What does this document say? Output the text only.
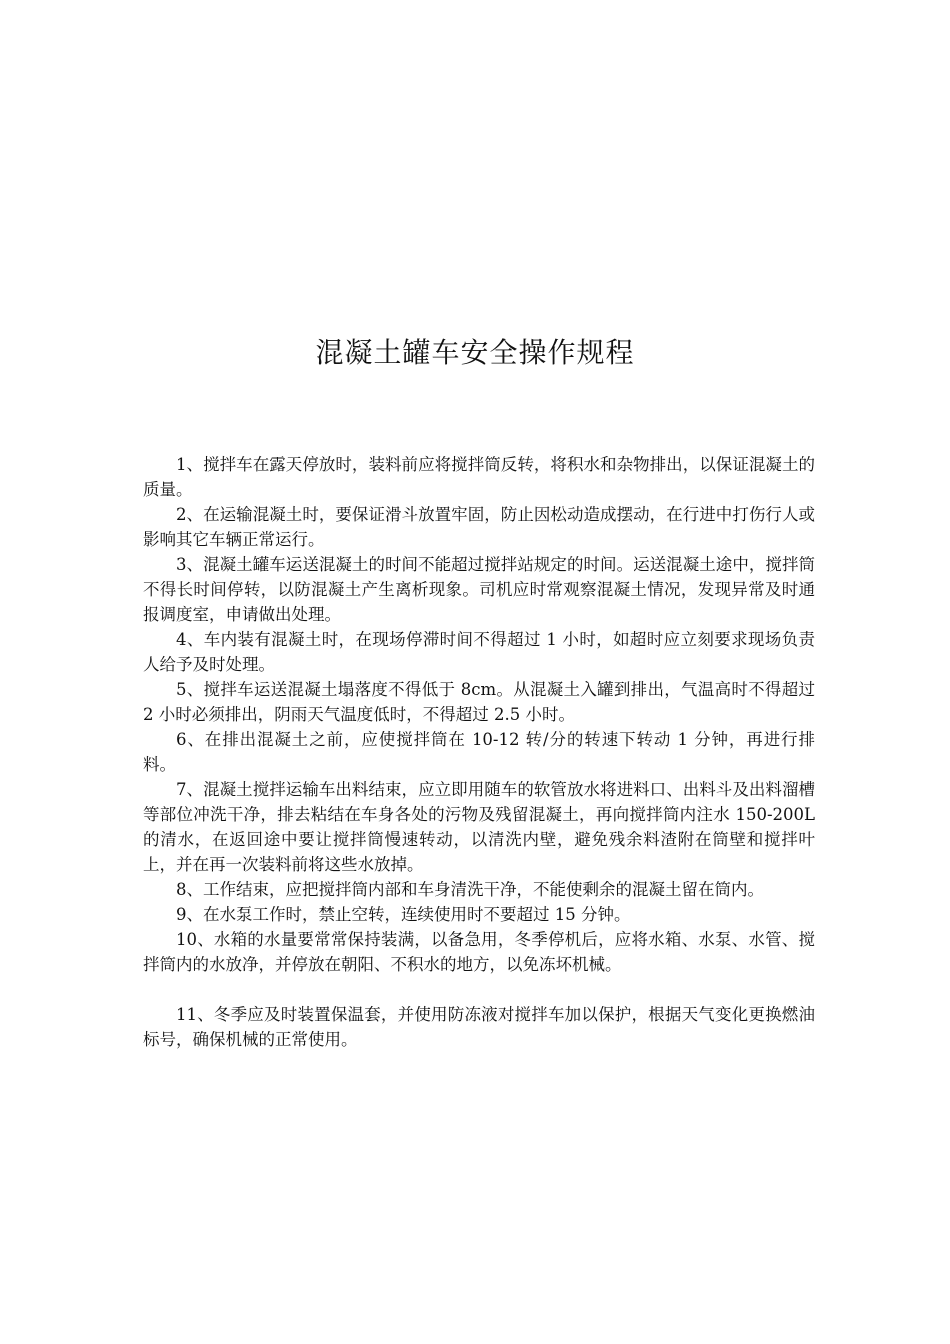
混凝土罐车安全操作规程

1、搅拌车在露天停放时，装料前应将搅拌筒反转，将积水和杂物排出，以保证混凝土的质量。

2、在运输混凝土时，要保证滑斗放置牢固，防止因松动造成摆动，在行进中打伤行人或影响其它车辆正常运行。

3、混凝土罐车运送混凝土的时间不能超过搅拌站规定的时间。运送混凝土途中，搅拌筒不得长时间停转，以防混凝土产生离析现象。司机应时常观察混凝土情况，发现异常及时通报调度室，申请做出处理。

4、车内装有混凝土时，在现场停滞时间不得超过 1 小时，如超时应立刻要求现场负责人给予及时处理。

5、搅拌车运送混凝土塌落度不得低于 8cm。从混凝土入罐到排出，气温高时不得超过 2 小时必须排出，阴雨天气温度低时，不得超过 2.5 小时。

6、在排出混凝土之前，应使搅拌筒在 10-12 转/分的转速下转动 1 分钟，再进行排料。

7、混凝土搅拌运输车出料结束，应立即用随车的软管放水将进料口、出料斗及出料溜槽等部位冲洗干净，排去粘结在车身各处的污物及残留混凝土，再向搅拌筒内注水 150-200L 的清水，在返回途中要让搅拌筒慢速转动，以清洗内壁，避免残余料渣附在筒壁和搅拌叶上，并在再一次装料前将这些水放掉。

8、工作结束，应把搅拌筒内部和车身清洗干净，不能使剩余的混凝土留在筒内。

9、在水泵工作时，禁止空转，连续使用时不要超过 15 分钟。

10、水箱的水量要常常保持装满，以备急用，冬季停机后，应将水箱、水泵、水管、搅拌筒内的水放净，并停放在朝阳、不积水的地方，以免冻坏机械。

11、冬季应及时装置保温套，并使用防冻液对搅拌车加以保护，根据天气变化更换燃油标号，确保机械的正常使用。
